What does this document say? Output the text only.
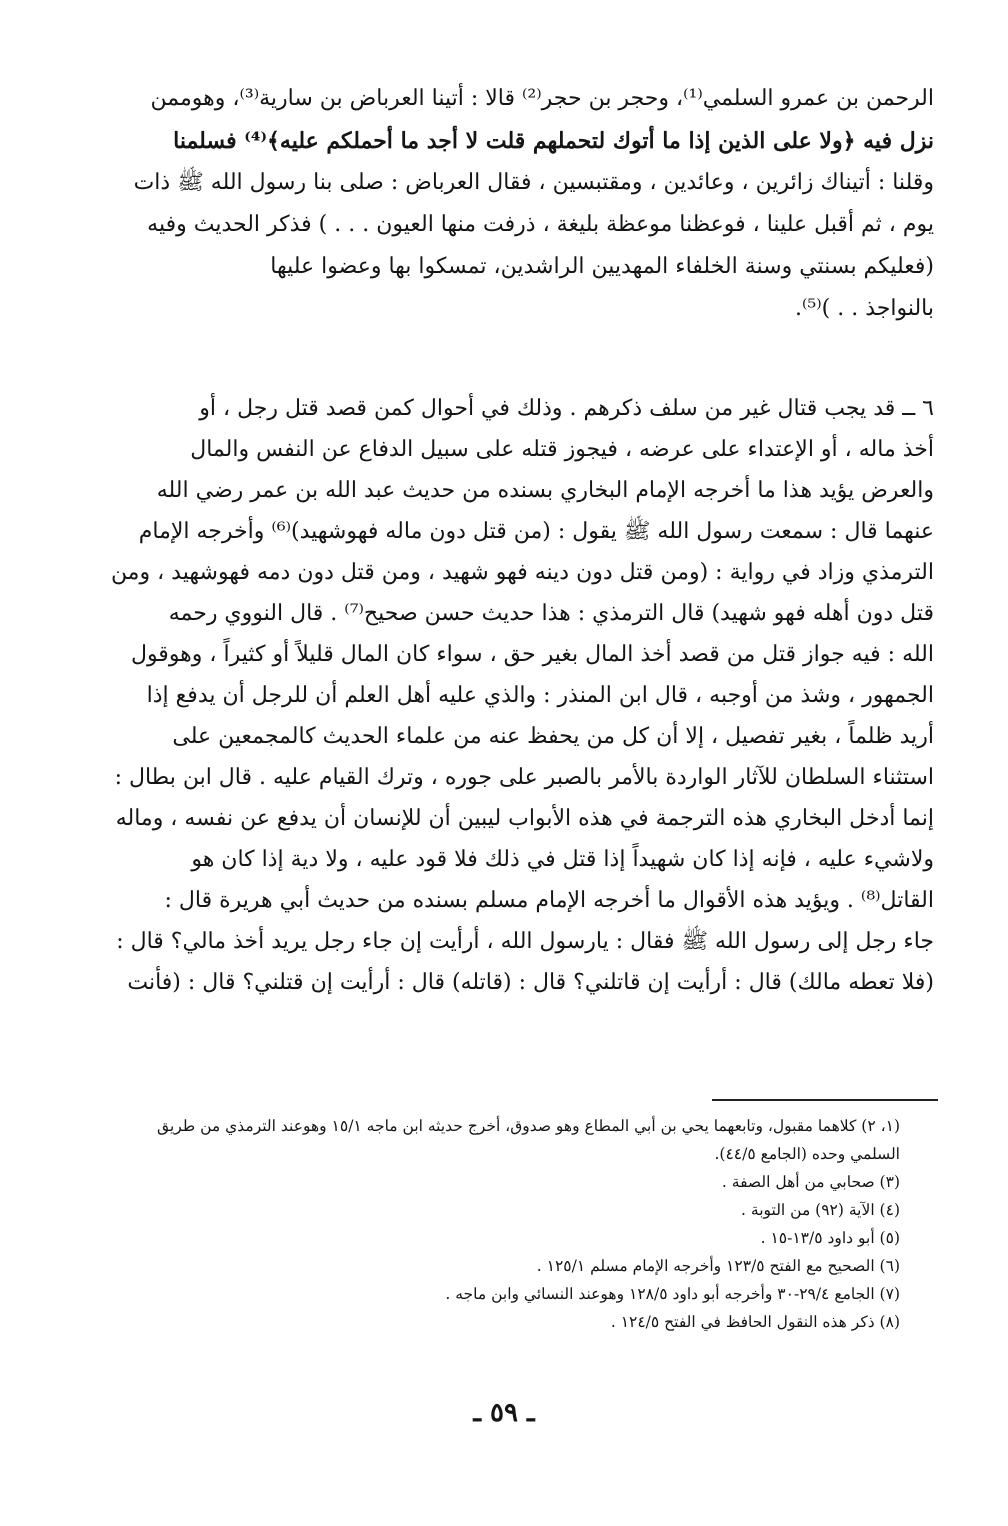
الرحمن بن عمرو السلمي⁽¹⁾، وحجر بن حجر⁽²⁾ قالا : أتينا العرباض بن سارية⁽³⁾، وهوممن
نزل فيه ﴿ولا على الذين إذا ما أتوك لتحملهم قلت لا أجد ما أحملكم عليه﴾⁽⁴⁾ فسلمنا
وقلنا : أتيناك زائرين ، وعائدين ، ومقتبسين ، فقال العرباض : صلى بنا رسول الله ﷺ ذات
يوم ، ثم أقبل علينا ، فوعظنا موعظة بليغة ، ذرفت منها العيون . . . ) فذكر الحديث وفيه
(فعليكم بسنتي وسنة الخلفاء المهديين الراشدين، تمسكوا بها وعضوا عليها
بالنواجذ . . )⁽⁵⁾.
٦ ــ قد يجب قتال غير من سلف ذكرهم . وذلك في أحوال كمن قصد قتل رجل ، أو
أخذ ماله ، أو الإعتداء على عرضه ، فيجوز قتله على سبيل الدفاع عن النفس والمال
والعرض يؤيد هذا ما أخرجه الإمام البخاري بسنده من حديث عبد الله بن عمر رضي الله
عنهما قال : سمعت رسول الله ﷺ يقول : (من قتل دون ماله فهوشهيد)⁽⁶⁾ وأخرجه الإمام
الترمذي وزاد في رواية : (ومن قتل دون دينه فهو شهيد ، ومن قتل دون دمه فهوشهيد ، ومن
قتل دون أهله فهو شهيد) قال الترمذي : هذا حديث حسن صحيح⁽⁷⁾ . قال النووي رحمه
الله : فيه جواز قتل من قصد أخذ المال بغير حق ، سواء كان المال قليلاً أو كثيراً ، وهوقول
الجمهور ، وشذ من أوجبه ، قال ابن المنذر : والذي عليه أهل العلم أن للرجل أن يدفع إذا
أريد ظلماً ، بغير تفصيل ، إلا أن كل من يحفظ عنه من علماء الحديث كالمجمعين على
استثناء السلطان للآثار الواردة بالأمر بالصبر على جوره ، وترك القيام عليه . قال ابن بطال :
إنما أدخل البخاري هذه الترجمة في هذه الأبواب ليبين أن للإنسان أن يدفع عن نفسه ، وماله
ولاشيء عليه ، فإنه إذا كان شهيداً إذا قتل في ذلك فلا قود عليه ، ولا دية إذا كان هو
القاتل⁽⁸⁾ . ويؤيد هذه الأقوال ما أخرجه الإمام مسلم بسنده من حديث أبي هريرة قال :
جاء رجل إلى رسول الله ﷺ فقال : يارسول الله ، أرأيت إن جاء رجل يريد أخذ مالي؟ قال :
(فلا تعطه مالك) قال : أرأيت إن قاتلني؟ قال : (قاتله) قال : أرأيت إن قتلني؟ قال : (فأنت
(١، ٢) كلاهما مقبول، وتابعهما يحي بن أبي المطاع وهو صدوق، أخرج حديثه ابن ماجه ١٥/١ وهوعند الترمذي من طريق
السلمي وحده (الجامع ٤٤/٥).
(٣) صحابي من أهل الصفة .
(٤) الآية (٩٢) من التوبة .
(٥) أبو داود ١٣/٥-١٥ .
(٦) الصحيح مع الفتح ١٢٣/٥ وأخرجه الإمام مسلم ١٢٥/١ .
(٧) الجامع ٢٩/٤-٣٠ وأخرجه أبو داود ١٢٨/٥ وهوعند النسائي وابن ماجه .
(٨) ذكر هذه النقول الحافظ في الفتح ١٢٤/٥ .
ـ ٥٩ ـ
